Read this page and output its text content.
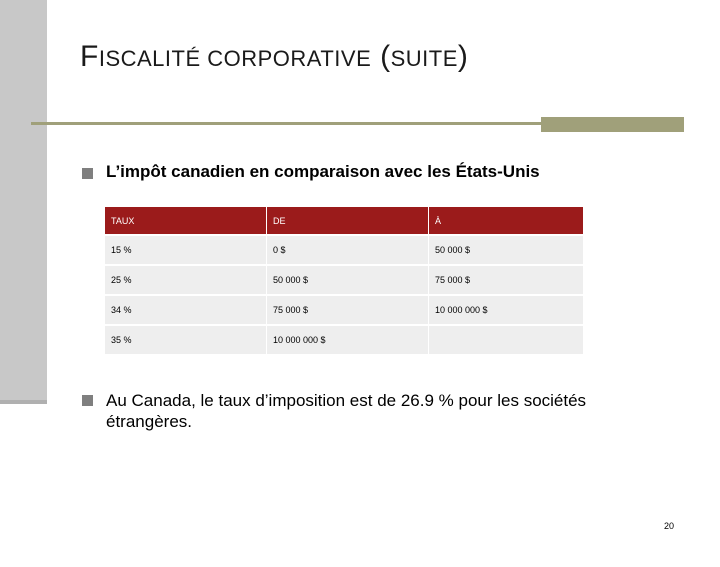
FISCALITÉ CORPORATIVE (SUITE)
L’impôt canadien en comparaison avec les États-Unis
TAUX	DE	À
15 %	0 $	50 000 $
25 %	50 000 $	75 000 $
34 %	75 000 $	10 000 000 $
35 %	10 000 000 $	
Au Canada, le taux d’imposition est de 26.9 % pour les sociétés étrangères.
20
